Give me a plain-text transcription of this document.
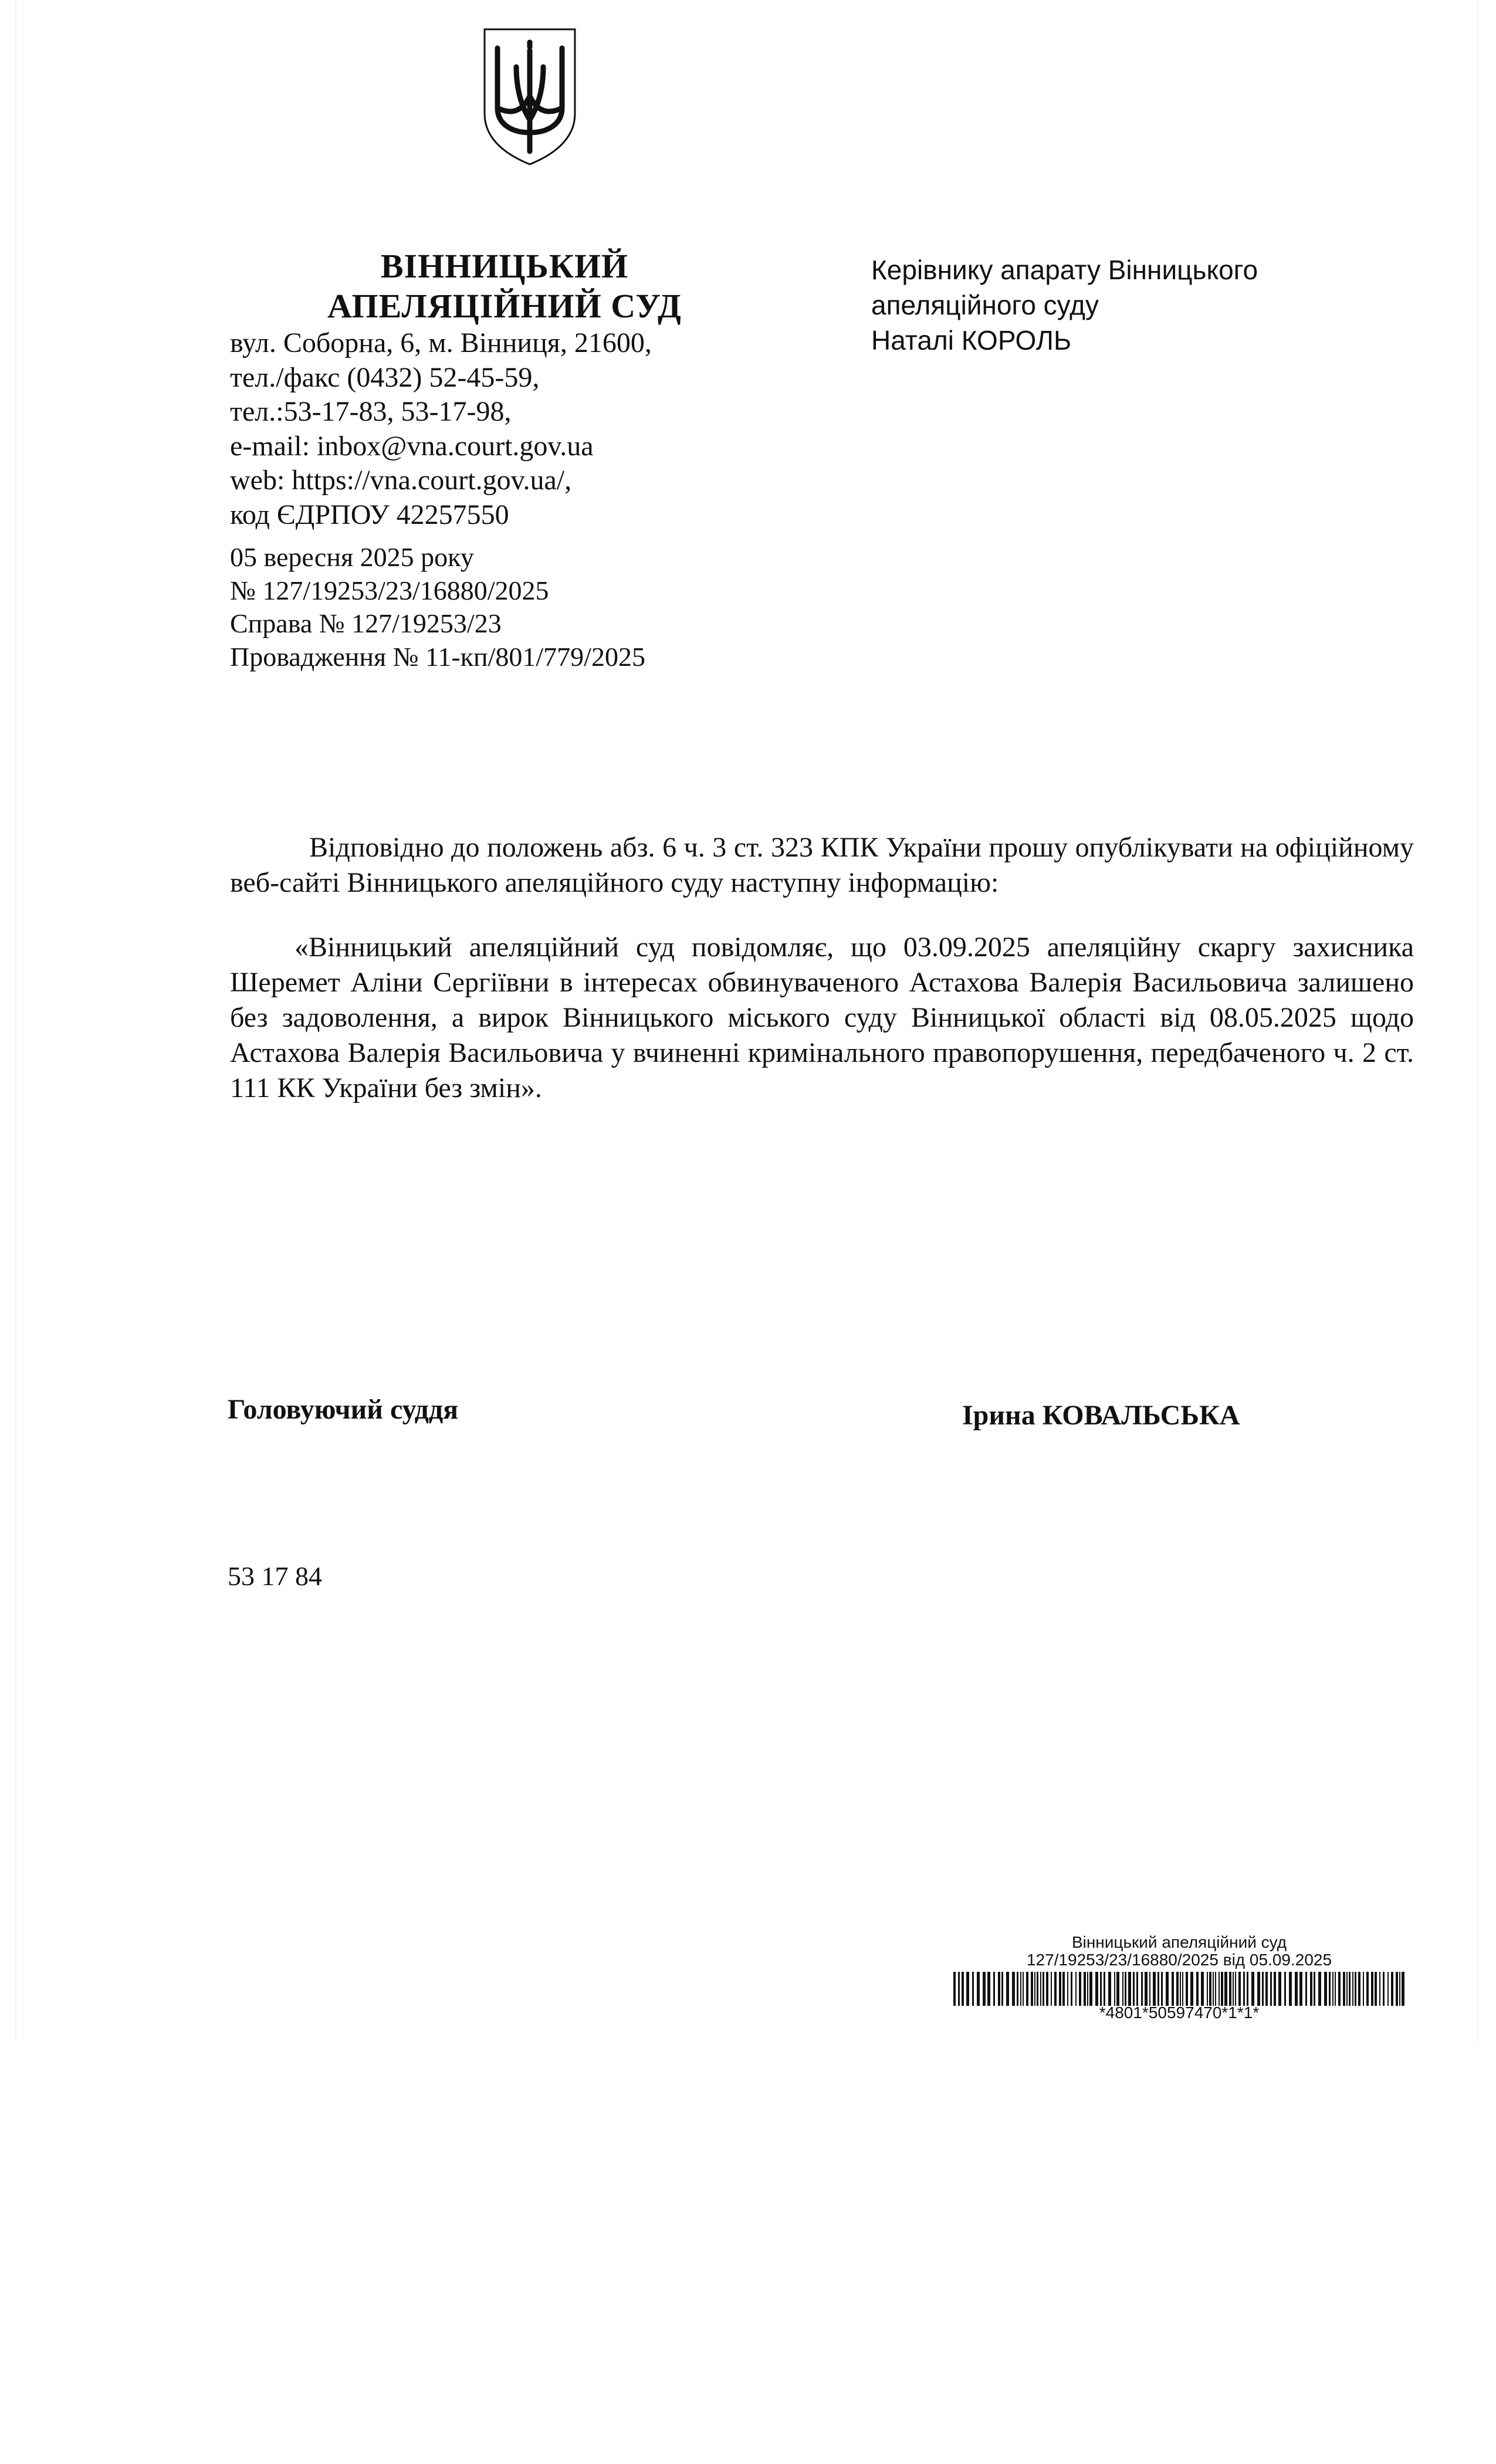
ВІННИЦЬКИЙ
АПЕЛЯЦІЙНИЙ СУД
вул. Соборна, 6, м. Вінниця, 21600,
тел./факс (0432) 52-45-59,
тел.:53-17-83, 53-17-98,
e-mail: inbox@vna.court.gov.ua
web: https://vna.court.gov.ua/,
код ЄДРПОУ 42257550
05 вересня 2025 року
№ 127/19253/23/16880/2025
Справа № 127/19253/23
Провадження № 11-кп/801/779/2025
Керівнику апарату Вінницького
апеляційного суду
Наталі КОРОЛЬ

Відповідно до положень абз. 6 ч. 3 ст. 323 КПК України прошу опублікувати на офіційному веб-сайті Вінницького апеляційного суду наступну інформацію:

«Вінницький апеляційний суд повідомляє, що 03.09.2025 апеляційну скаргу захисника Шеремет Аліни Сергіївни в інтересах обвинуваченого Астахова Валерія Васильовича залишено без задоволення, а вирок Вінницького міського суду Вінницької області від 08.05.2025 щодо Астахова Валерія Васильовича у вчиненні кримінального правопорушення, передбаченого ч. 2 ст. 111 КК України без змін».

Головуючий суддя	Ірина КОВАЛЬСЬКА
53 17 84
Вінницький апеляційний суд
127/19253/23/16880/2025 від 05.09.2025
*4801*50597470*1*1*
